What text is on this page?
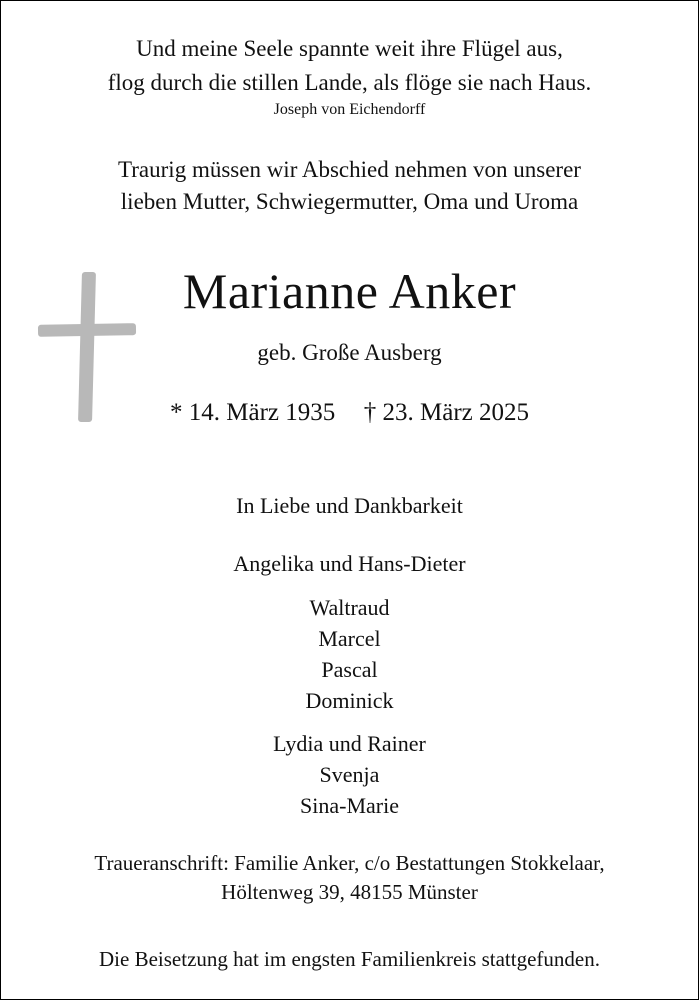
Und meine Seele spannte weit ihre Flügel aus,
flog durch die stillen Lande, als flöge sie nach Haus.
Joseph von Eichendorff
Traurig müssen wir Abschied nehmen von unserer
lieben Mutter, Schwiegermutter, Oma und Uroma
Marianne Anker
geb. Große Ausberg
* 14. März 1935 † 23. März 2025
In Liebe und Dankbarkeit
Angelika und Hans-Dieter
Waltraud
Marcel
Pascal
Dominick
Lydia und Rainer
Svenja
Sina-Marie
Traueranschrift: Familie Anker, c/o Bestattungen Stokkelaar,
Höltenweg 39, 48155 Münster
Die Beisetzung hat im engsten Familienkreis stattgefunden.
